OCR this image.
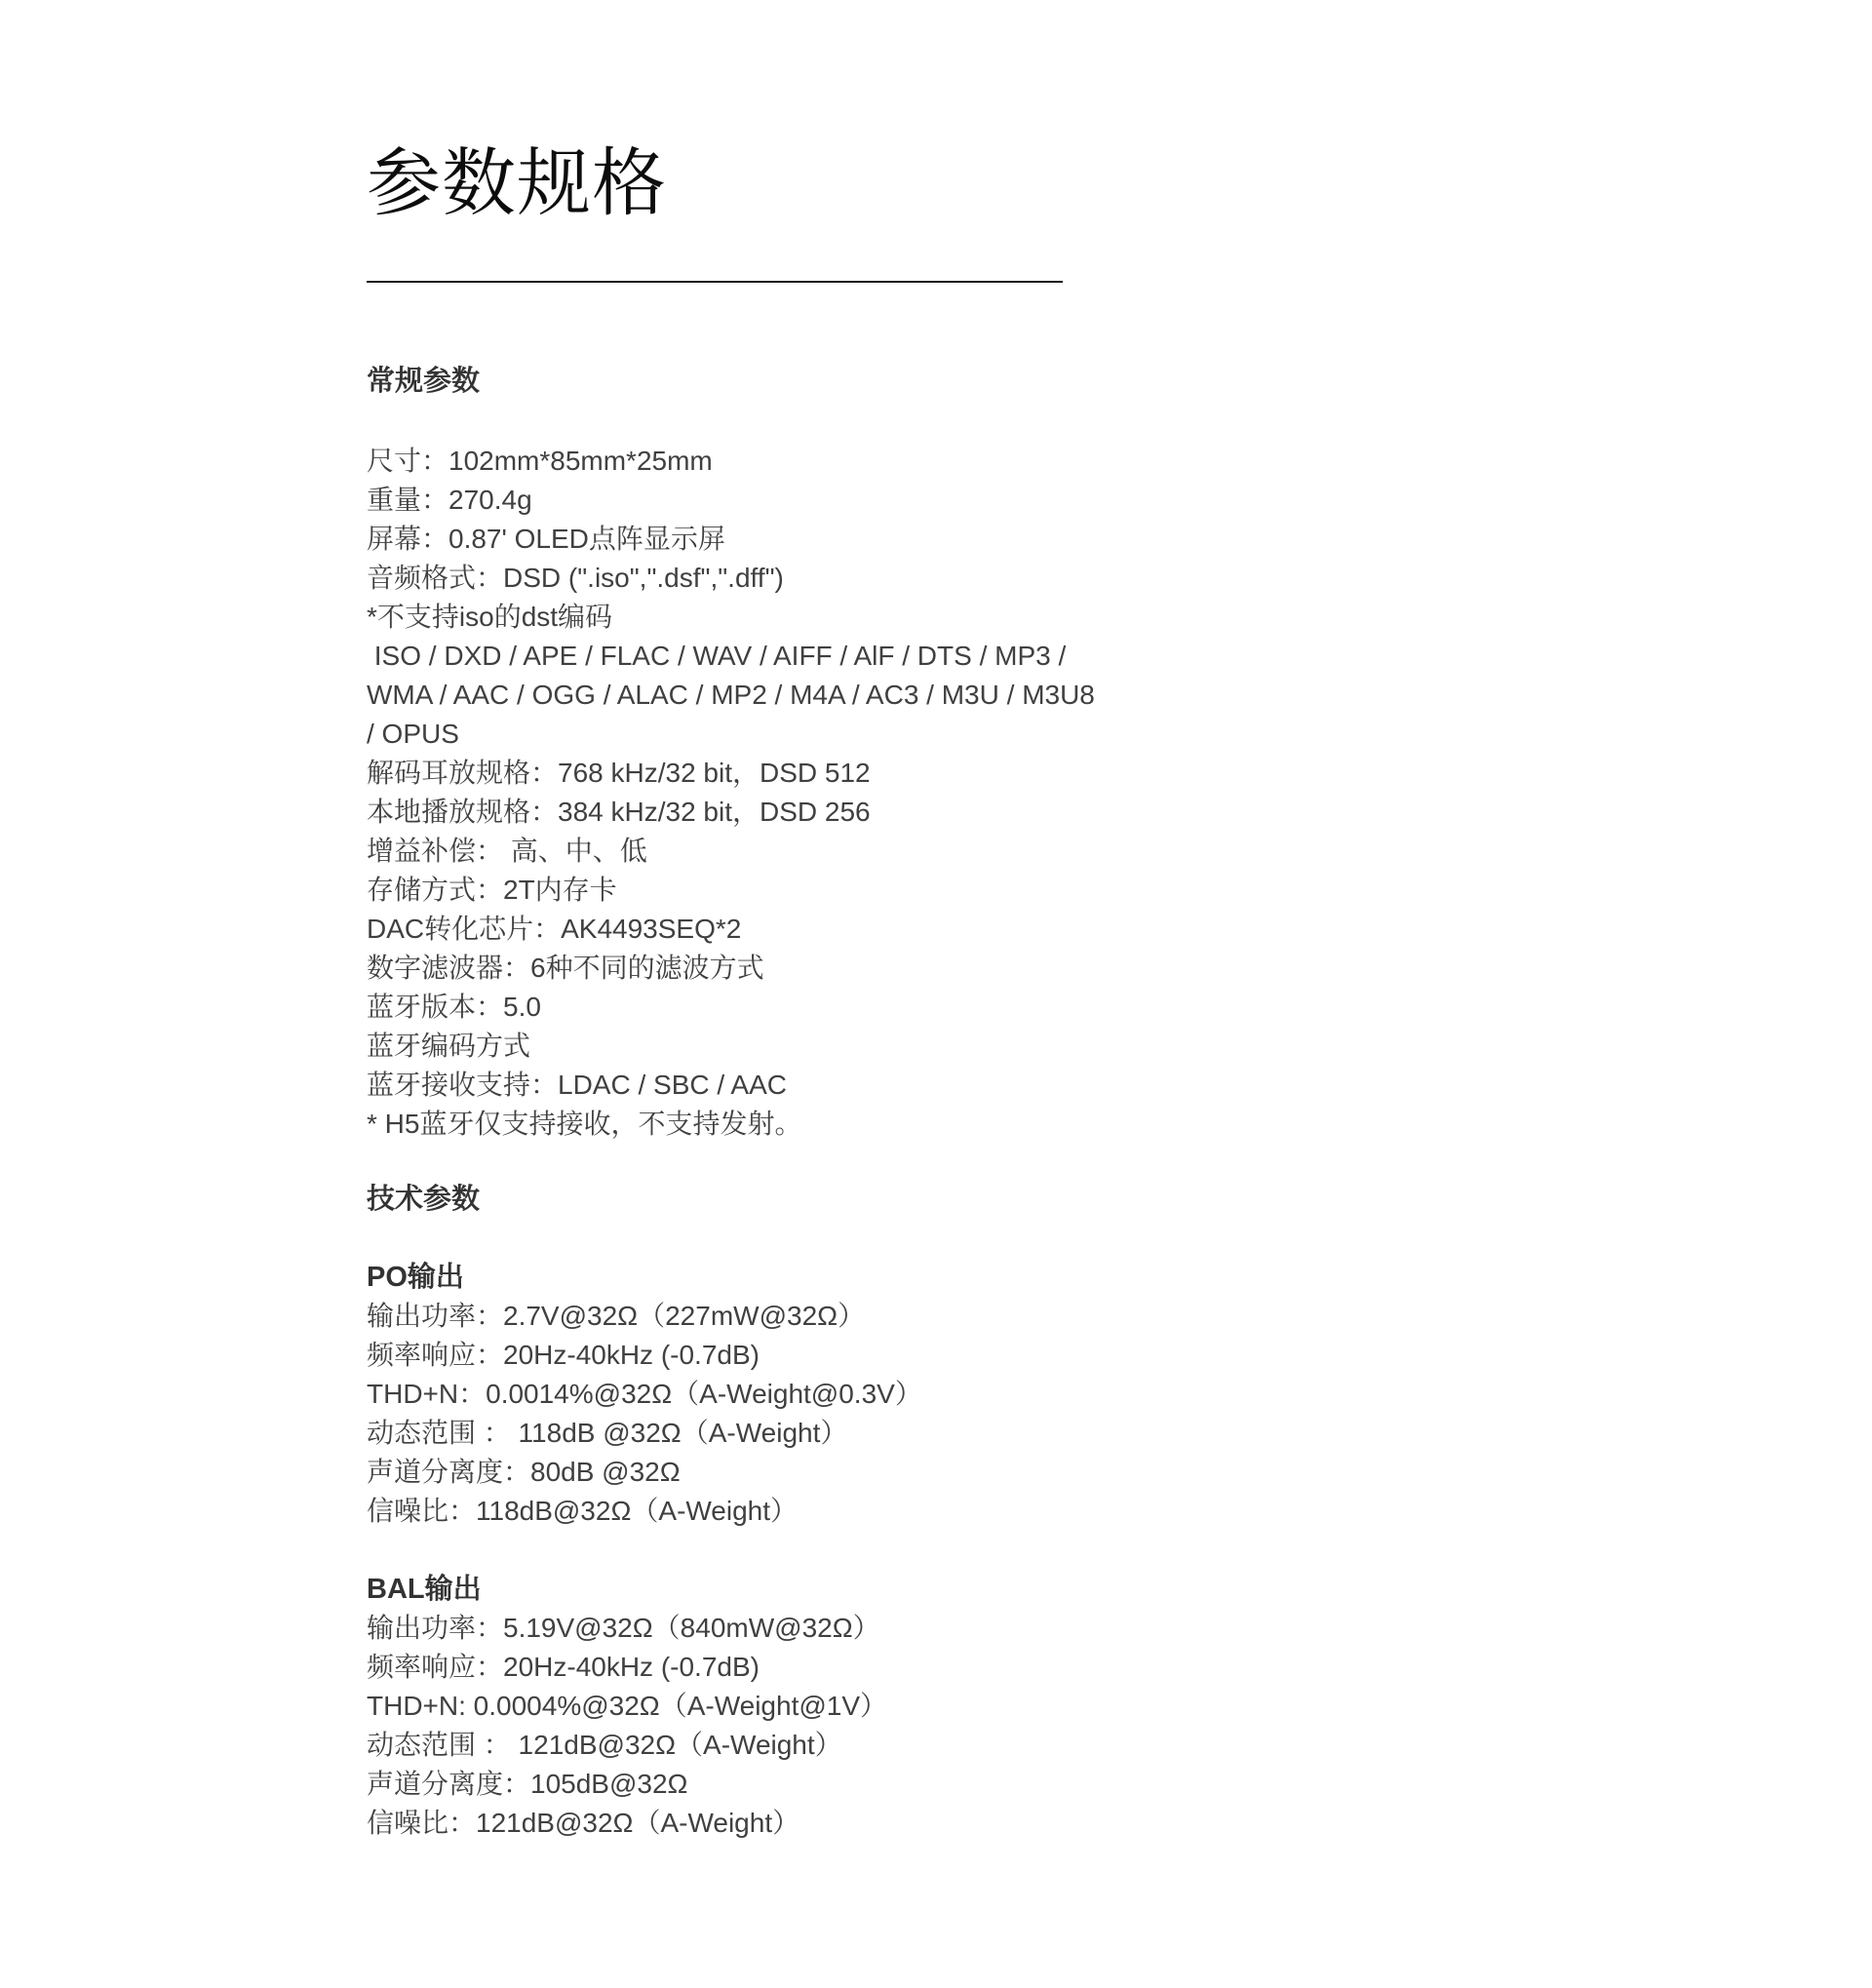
参数规格
常规参数

尺寸：102mm*85mm*25mm

重量：270.4g

屏幕：0.87' OLED点阵显示屏

音频格式：DSD (".iso",".dsf",".dff")

*不支持iso的dst编码

ISO / DXD / APE / FLAC / WAV / AIFF / AlF / DTS / MP3 /

WMA / AAC / OGG / ALAC / MP2 / M4A / AC3 / M3U / M3U8

/ OPUS

解码耳放规格：768 kHz/32 bit，DSD 512

本地播放规格：384 kHz/32 bit，DSD 256

增益补偿： 高、中、低

存储方式：2T内存卡

DAC转化芯片：AK4493SEQ*2

数字滤波器：6种不同的滤波方式

蓝牙版本：5.0

蓝牙编码方式

蓝牙接收支持：LDAC / SBC / AAC

* H5蓝牙仅支持接收，不支持发射。

技术参数
PO输出

输出功率：2.7V@32Ω（227mW@32Ω）

频率响应：20Hz-40kHz (-0.7dB)

THD+N：0.0014%@32Ω（A-Weight@0.3V）

动态范围 ： 118dB @32Ω（A-Weight）

声道分离度：80dB @32Ω

信噪比：118dB@32Ω（A-Weight）

BAL输出

输出功率：5.19V@32Ω（840mW@32Ω）

频率响应：20Hz-40kHz (-0.7dB)

THD+N: 0.0004%@32Ω（A-Weight@1V）

动态范围 ： 121dB@32Ω（A-Weight）

声道分离度：105dB@32Ω

信噪比：121dB@32Ω（A-Weight）
